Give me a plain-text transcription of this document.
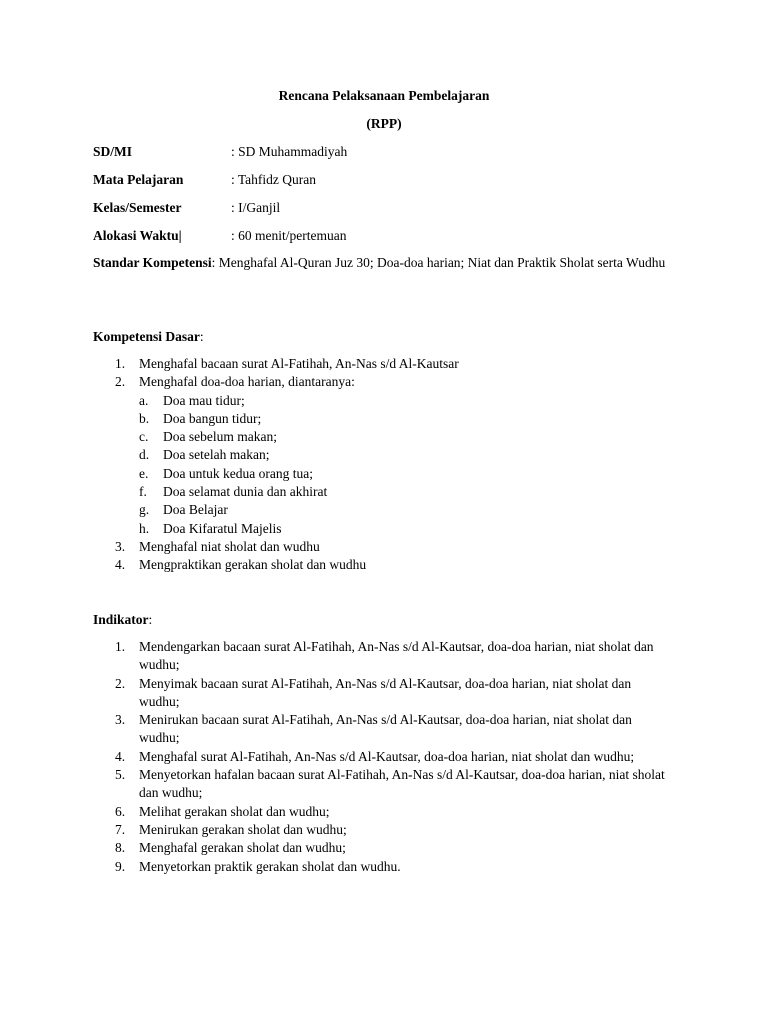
Rencana Pelaksanaan Pembelajaran
(RPP)
SD/MI	: SD Muhammadiyah
Mata Pelajaran	: Tahfidz Quran
Kelas/Semester	: I/Ganjil
Alokasi Waktu|	: 60 menit/pertemuan
Standar Kompetensi: Menghafal Al-Quran Juz 30; Doa-doa harian; Niat dan Praktik Sholat serta Wudhu
Kompetensi Dasar:
1. Menghafal bacaan surat Al-Fatihah, An-Nas s/d Al-Kautsar
2. Menghafal doa-doa harian, diantaranya:
a. Doa mau tidur;
b. Doa bangun tidur;
c. Doa sebelum makan;
d. Doa setelah makan;
e. Doa untuk kedua orang tua;
f. Doa selamat dunia dan akhirat
g. Doa Belajar
h. Doa Kifaratul Majelis
3. Menghafal niat sholat dan wudhu
4. Mengpraktikan gerakan sholat dan wudhu
Indikator:
1. Mendengarkan bacaan surat Al-Fatihah, An-Nas s/d Al-Kautsar, doa-doa harian, niat sholat dan wudhu;
2. Menyimak bacaan surat Al-Fatihah, An-Nas s/d Al-Kautsar, doa-doa harian, niat sholat dan wudhu;
3. Menirukan bacaan surat Al-Fatihah, An-Nas s/d Al-Kautsar, doa-doa harian, niat sholat dan wudhu;
4. Menghafal surat Al-Fatihah, An-Nas s/d Al-Kautsar, doa-doa harian, niat sholat dan wudhu;
5. Menyetorkan hafalan bacaan surat Al-Fatihah, An-Nas s/d Al-Kautsar, doa-doa harian, niat sholat dan wudhu;
6. Melihat gerakan sholat dan wudhu;
7. Menirukan gerakan sholat dan wudhu;
8. Menghafal gerakan sholat dan wudhu;
9. Menyetorkan praktik gerakan sholat dan wudhu.
